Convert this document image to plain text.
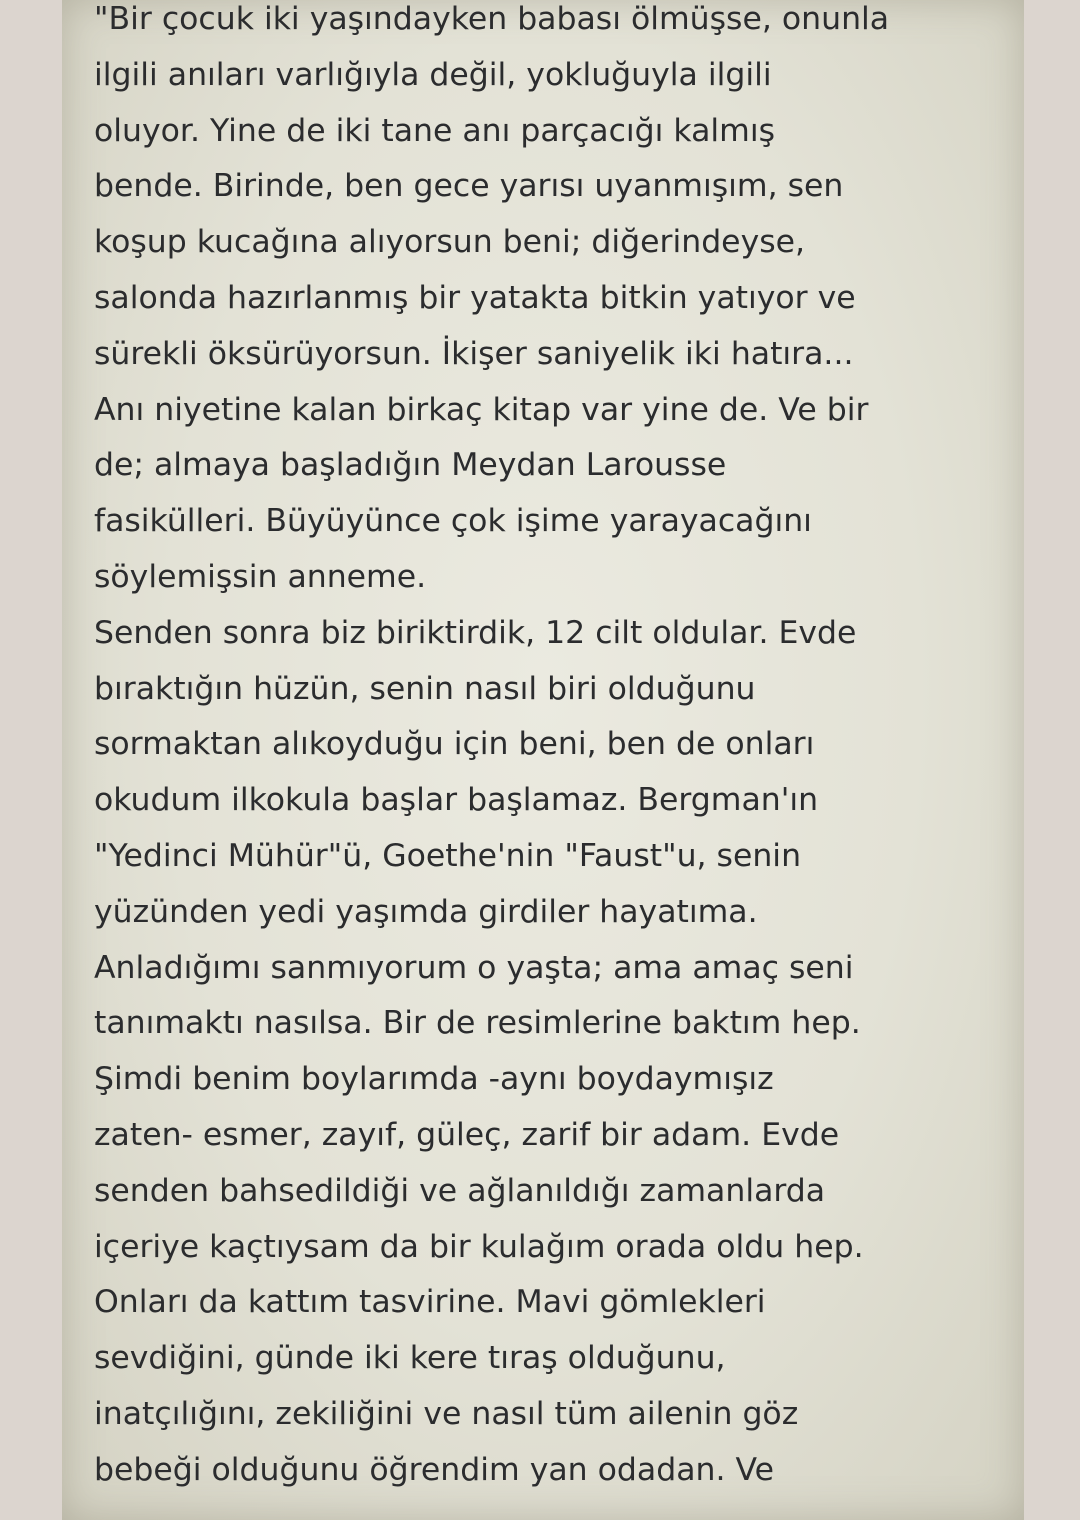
"Bir çocuk iki yaşındayken babası ölmüşse, onunla
ilgili anıları varlığıyla değil, yokluğuyla ilgili
oluyor. Yine de iki tane anı parçacığı kalmış
bende. Birinde, ben gece yarısı uyanmışım, sen
koşup kucağına alıyorsun beni; diğerindeyse,
salonda hazırlanmış bir yatakta bitkin yatıyor ve
sürekli öksürüyorsun. İkişer saniyelik iki hatıra...
Anı niyetine kalan birkaç kitap var yine de. Ve bir
de; almaya başladığın Meydan Larousse
fasikülleri. Büyüyünce çok işime yarayacağını
söylemişsin anneme.
Senden sonra biz biriktirdik, 12 cilt oldular. Evde
bıraktığın hüzün, senin nasıl biri olduğunu
sormaktan alıkoyduğu için beni, ben de onları
okudum ilkokula başlar başlamaz. Bergman'ın
"Yedinci Mühür"ü, Goethe'nin "Faust"u, senin
yüzünden yedi yaşımda girdiler hayatıma.
Anladığımı sanmıyorum o yaşta; ama amaç seni
tanımaktı nasılsa. Bir de resimlerine baktım hep.
Şimdi benim boylarımda -aynı boydaymışız
zaten- esmer, zayıf, güleç, zarif bir adam. Evde
senden bahsedildiği ve ağlanıldığı zamanlarda
içeriye kaçtıysam da bir kulağım orada oldu hep.
Onları da kattım tasvirine. Mavi gömlekleri
sevdiğini, günde iki kere tıraş olduğunu,
inatçılığını, zekiliğini ve nasıl tüm ailenin göz
bebeği olduğunu öğrendim yan odadan. Ve
